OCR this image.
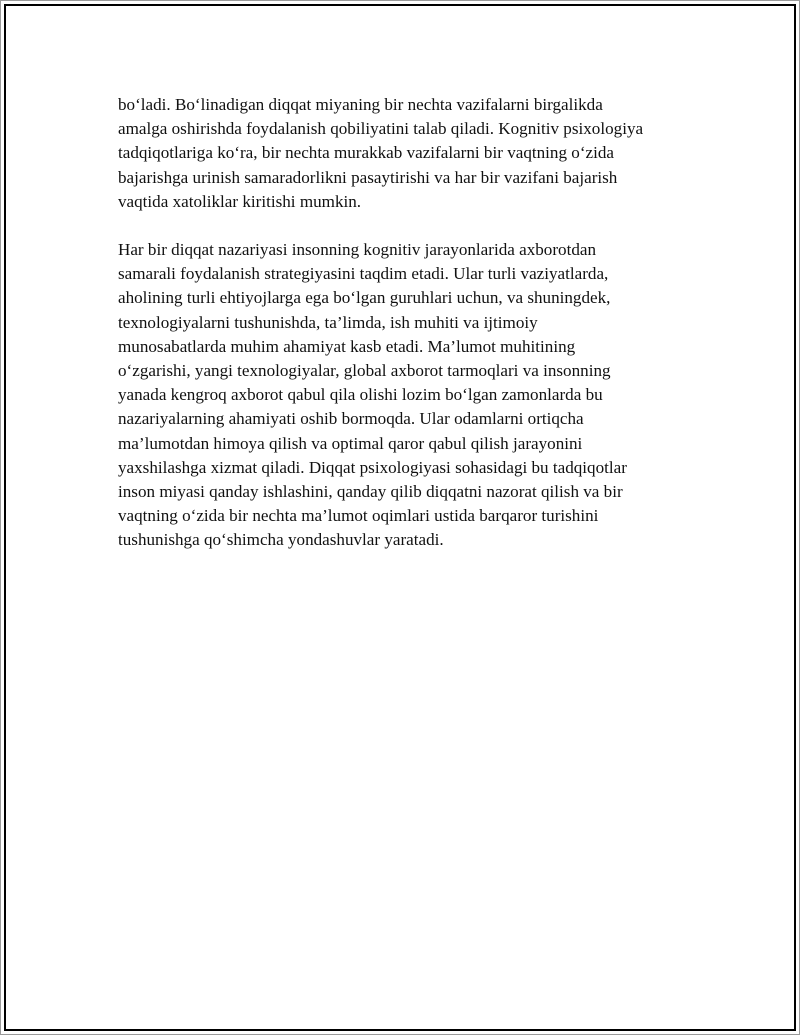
bo‘ladi. Bo‘linadigan diqqat miyaning bir nechta vazifalarni birgalikda
amalga oshirishda foydalanish qobiliyatini talab qiladi. Kognitiv psixologiya
tadqiqotlariga ko‘ra, bir nechta murakkab vazifalarni bir vaqtning o‘zida
bajarishga urinish samaradorlikni pasaytirishi va har bir vazifani bajarish
vaqtida xatoliklar kiritishi mumkin.
Har bir diqqat nazariyasi insonning kognitiv jarayonlarida axborotdan
samarali foydalanish strategiyasini taqdim etadi. Ular turli vaziyatlarda,
aholining turli ehtiyojlarga ega bo‘lgan guruhlari uchun, va shuningdek,
texnologiyalarni tushunishda, ta’limda, ish muhiti va ijtimoiy
munosabatlarda muhim ahamiyat kasb etadi. Ma’lumot muhitining
o‘zgarishi, yangi texnologiyalar, global axborot tarmoqlari va insonning
yanada kengroq axborot qabul qila olishi lozim bo‘lgan zamonlarda bu
nazariyalarning ahamiyati oshib bormoqda. Ular odamlarni ortiqcha
ma’lumotdan himoya qilish va optimal qaror qabul qilish jarayonini
yaxshilashga xizmat qiladi. Diqqat psixologiyasi sohasidagi bu tadqiqotlar
inson miyasi qanday ishlashini, qanday qilib diqqatni nazorat qilish va bir
vaqtning o‘zida bir nechta ma’lumot oqimlari ustida barqaror turishini
tushunishga qo‘shimcha yondashuvlar yaratadi.
